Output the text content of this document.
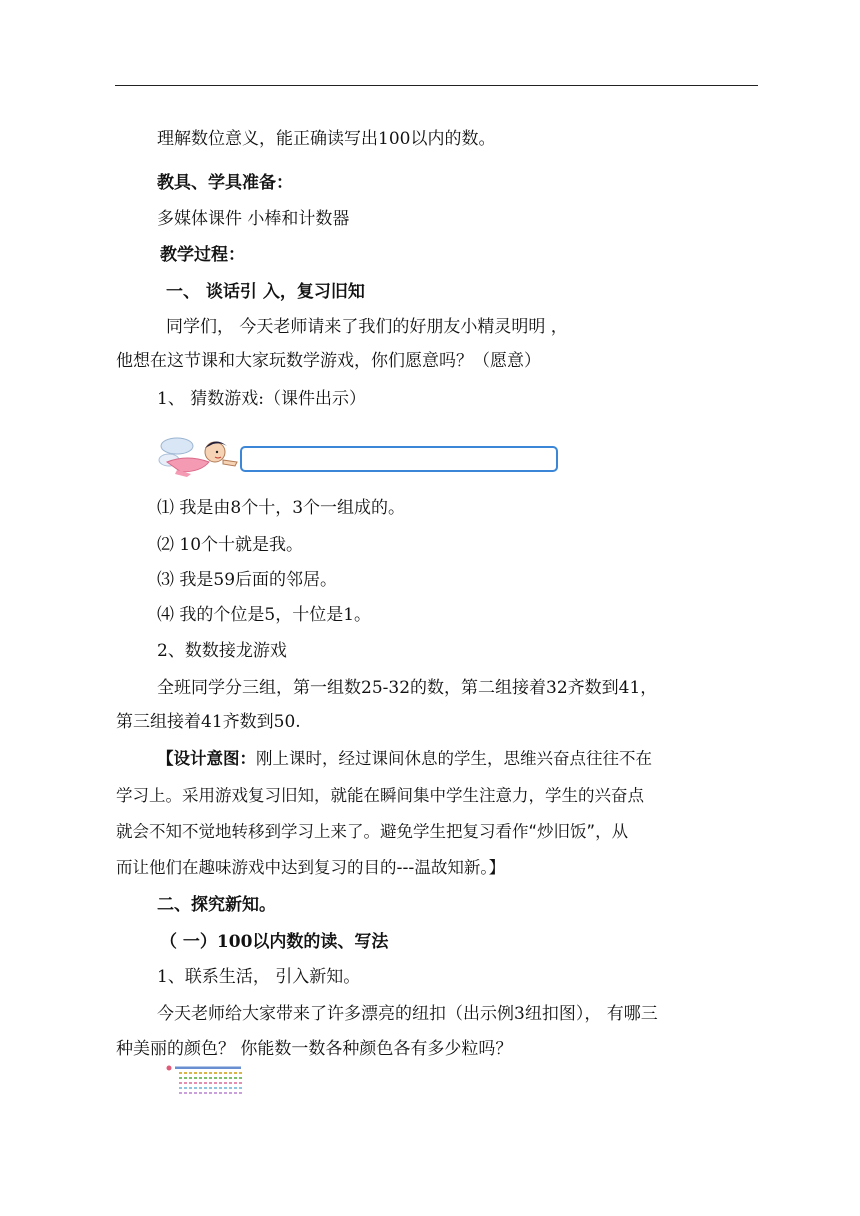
理解数位意义，能正确读写出100以内的数。
教具、学具准备：
多媒体课件 小棒和计数器
教学过程：
一、 谈话引 入，复习旧知
同学们， 今天老师请来了我们的好朋友小精灵明明 ，
他想在这节课和大家玩数学游戏，你们愿意吗？（愿意）
1、 猜数游戏:（课件出示）
⑴ 我是由8个十，3个一组成的。
⑵ 10个十就是我。
⑶ 我是59后面的邻居。
⑷ 我的个位是5，十位是1。
2、数数接龙游戏
全班同学分三组，第一组数25-32的数，第二组接着32齐数到41，
第三组接着41齐数到50.
【设计意图：刚上课时，经过课间休息的学生，思维兴奋点往往不在
学习上。采用游戏复习旧知，就能在瞬间集中学生注意力，学生的兴奋点
就会不知不觉地转移到学习上来了。避免学生把复习看作“炒旧饭”，从
而让他们在趣味游戏中达到复习的目的---温故知新。】
二、探究新知。
（ 一）100以内数的读、写法
1、联系生活， 引入新知。
今天老师给大家带来了许多漂亮的纽扣（出示例3纽扣图）， 有哪三
种美丽的颜色？ 你能数一数各种颜色各有多少粒吗？
